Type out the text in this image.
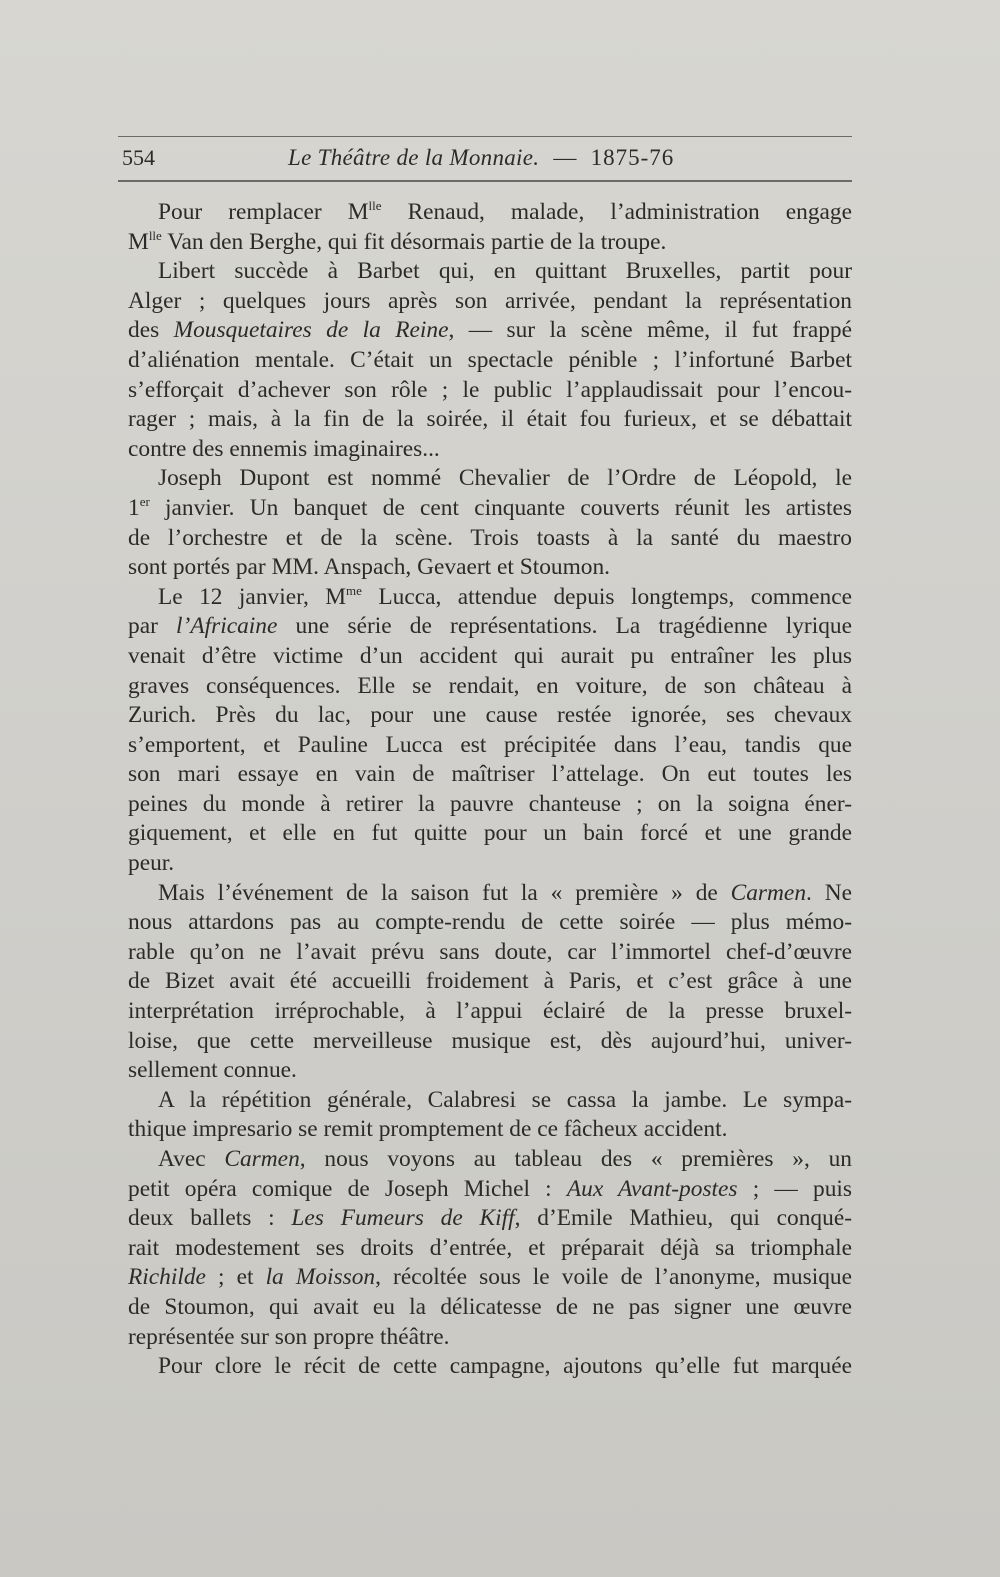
554	Le Théâtre de la Monnaie. — 1875-76
Pour remplacer $M^{lle}$ Renaud, malade, l’administration engage
$M^{lle}$ Van den Berghe, qui fit désormais partie de la troupe.
Libert succède à Barbet qui, en quittant Bruxelles, partit pour
Alger ; quelques jours après son arrivée, pendant la représentation
des Mousquetaires de la Reine, — sur la scène même, il fut frappé
d’aliénation mentale. C’était un spectacle pénible ; l’infortuné Barbet
s’efforçait d’achever son rôle ; le public l’applaudissait pour l’encou-
rager ; mais, à la fin de la soirée, il était fou furieux, et se débattait
contre des ennemis imaginaires...
Joseph Dupont est nommé Chevalier de l’Ordre de Léopold, le
1er janvier. Un banquet de cent cinquante couverts réunit les artistes
de l’orchestre et de la scène. Trois toasts à la santé du maestro
sont portés par MM. Anspach, Gevaert et Stoumon.
Le 12 janvier, $M^{me}$ Lucca, attendue depuis longtemps, commence
par l’Africaine une série de représentations. La tragédienne lyrique
venait d’être victime d’un accident qui aurait pu entraîner les plus
graves conséquences. Elle se rendait, en voiture, de son château à
Zurich. Près du lac, pour une cause restée ignorée, ses chevaux
s’emportent, et Pauline Lucca est précipitée dans l’eau, tandis que
son mari essaye en vain de maîtriser l’attelage. On eut toutes les
peines du monde à retirer la pauvre chanteuse ; on la soigna éner-
giquement, et elle en fut quitte pour un bain forcé et une grande
peur.
Mais l’événement de la saison fut la « première » de Carmen. Ne
nous attardons pas au compte-rendu de cette soirée — plus mémo-
rable qu’on ne l’avait prévu sans doute, car l’immortel chef-d’œuvre
de Bizet avait été accueilli froidement à Paris, et c’est grâce à une
interprétation irréprochable, à l’appui éclairé de la presse bruxel-
loise, que cette merveilleuse musique est, dès aujourd’hui, univer-
sellement connue.
A la répétition générale, Calabresi se cassa la jambe. Le sympa-
thique impresario se remit promptement de ce fâcheux accident.
Avec Carmen, nous voyons au tableau des « premières », un
petit opéra comique de Joseph Michel : Aux Avant-postes ; — puis
deux ballets : Les Fumeurs de Kiff, d’Emile Mathieu, qui conqué-
rait modestement ses droits d’entrée, et préparait déjà sa triomphale
Richilde ; et la Moisson, récoltée sous le voile de l’anonyme, musique
de Stoumon, qui avait eu la délicatesse de ne pas signer une œuvre
représentée sur son propre théâtre.
Pour clore le récit de cette campagne, ajoutons qu’elle fut marquée
